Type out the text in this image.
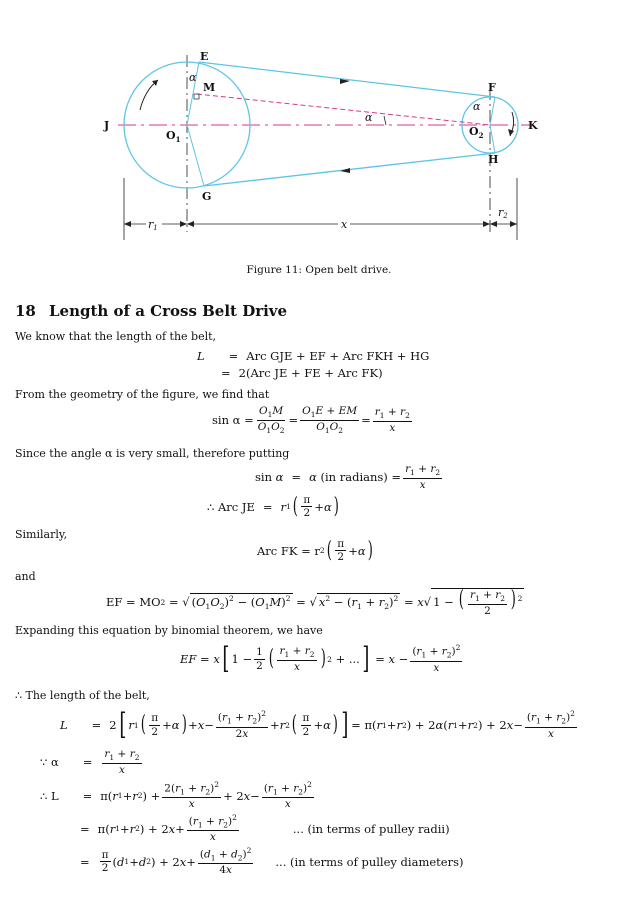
E
M
J
$O_1$
G
F
$O_2$
K
H
α
α
α
r1	x
r2
Figure 11: Open belt drive.
18 Length of a Cross Belt Drive
We know that the length of the belt,
L = Arc GJE + EF + Arc FKH + HG
= 2(Arc JE + FE + Arc FK)
From the geometry of the figure, we find that
$\sin \alpha = \frac{O_1M}{O_1O_2}$ =
$O_1E$ + EM
$O_1O_2$
=
$r_1 + r_2$
x
Since the angle α is very small, therefore putting
sin α = α
(in radians) = $\frac{r_1 + r_2}{x}$
∴ Arc JE = r 1 ( π
2 + α )
Similarly,
Arc FK = r 2 ( π
2 + α )
and
EF = MO 2 = √ $(O_1O_2)^2 - (O_1M)^2$ = √ $x^2 - (r_1 + r_2)^2 = x$ √ 1 − ( $\frac{r_1 + r_2}{2}$ ) $^2$
Expanding this equation by binomial theorem, we have
EF = x [ 1 − 1
2 ( $r_1 + r_2$
x ) 2 + ... ] = x −
$(r_1 + r_2)^2$
x
∴ The length of the belt,
L = 2 [ r 1 ( π
2 + α ) + x −
$(r_1 + r_2)^2$
2x
+ r 2 ( π
2 + α ) ] = π( r 1 + r 2 ) + 2 α ( r 1 + r 2 ) + 2 x −
$(r_1 + r_2)^2$
x
∵ α =
$r_1 + r_2$
x
∴ L = π( r 1 + r 2 ) +
$2(r_1 + r_2)^2$
x
+ 2 x −
$(r_1 + r_2)^2$
x
= π( r 1 + r 2 ) + 2 x +
$(r_1 + r_2)^2$
x
... (in terms of pulley radii)
= π
2 ( d 1 + d 2 ) + 2 x +
$(d_1 + d_2)^2$
4x
... (in terms of pulley diameters)
